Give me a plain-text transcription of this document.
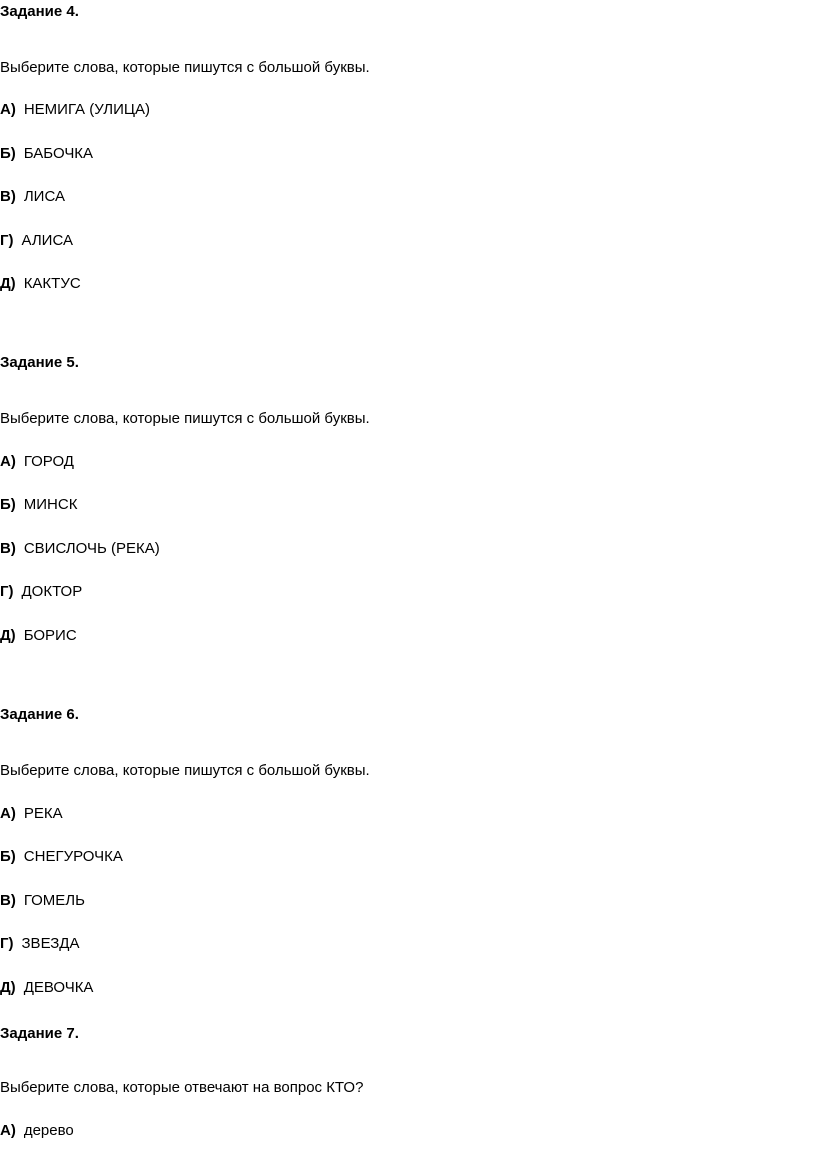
Задание 4.
Выберите слова, которые пишутся с большой буквы.
А) НЕМИГА (УЛИЦА)
Б) БАБОЧКА
В) ЛИСА
Г) АЛИСА
Д) КАКТУС
Задание 5.
Выберите слова, которые пишутся с большой буквы.
А) ГОРОД
Б) МИНСК
В) СВИСЛОЧЬ (РЕКА)
Г) ДОКТОР
Д) БОРИС
Задание 6.
Выберите слова, которые пишутся с большой буквы.
А) РЕКА
Б) СНЕГУРОЧКА
В) ГОМЕЛЬ
Г) ЗВЕЗДА
Д) ДЕВОЧКА
Задание 7.
Выберите слова, которые отвечают на вопрос КТО?
А) дерево
